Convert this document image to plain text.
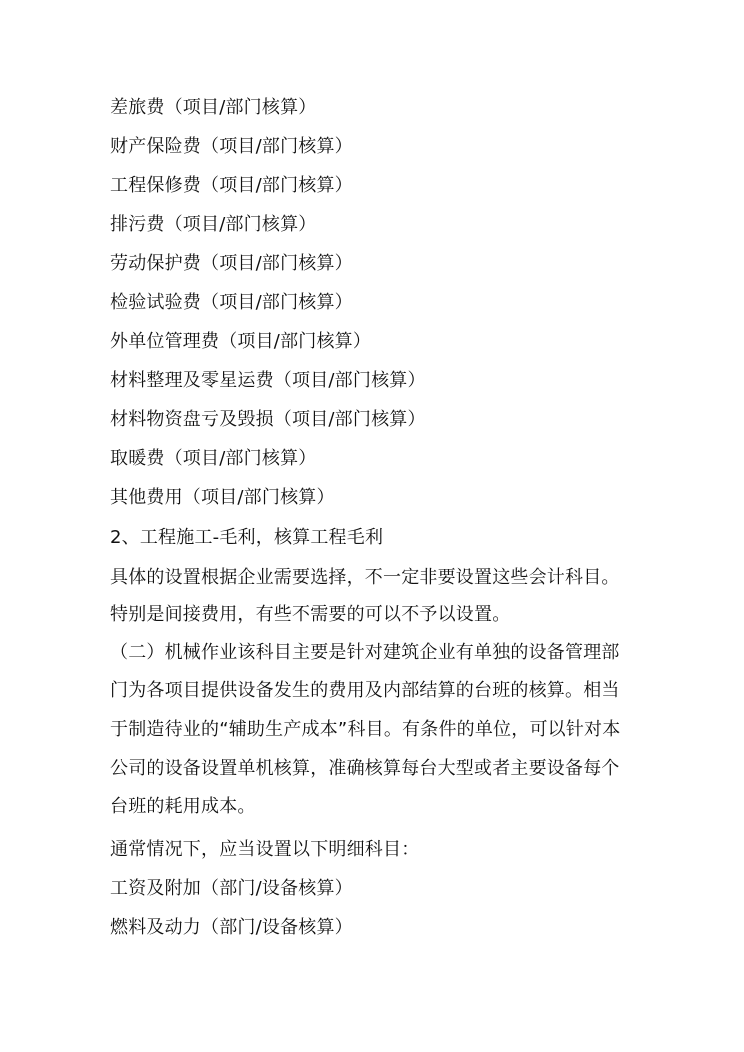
差旅费（项目/部门核算）
财产保险费（项目/部门核算）
工程保修费（项目/部门核算）
排污费（项目/部门核算）
劳动保护费（项目/部门核算）
检验试验费（项目/部门核算）
外单位管理费（项目/部门核算）
材料整理及零星运费（项目/部门核算）
材料物资盘亏及毁损（项目/部门核算）
取暖费（项目/部门核算）
其他费用（项目/部门核算）
2、工程施工-毛利，核算工程毛利
具体的设置根据企业需要选择，不一定非要设置这些会计科目。
特别是间接费用，有些不需要的可以不予以设置。
（二）机械作业该科目主要是针对建筑企业有单独的设备管理部
门为各项目提供设备发生的费用及内部结算的台班的核算。相当
于制造待业的“辅助生产成本”科目。有条件的单位，可以针对本
公司的设备设置单机核算，准确核算每台大型或者主要设备每个
台班的耗用成本。
通常情况下，应当设置以下明细科目：
工资及附加（部门/设备核算）
燃料及动力（部门/设备核算）
